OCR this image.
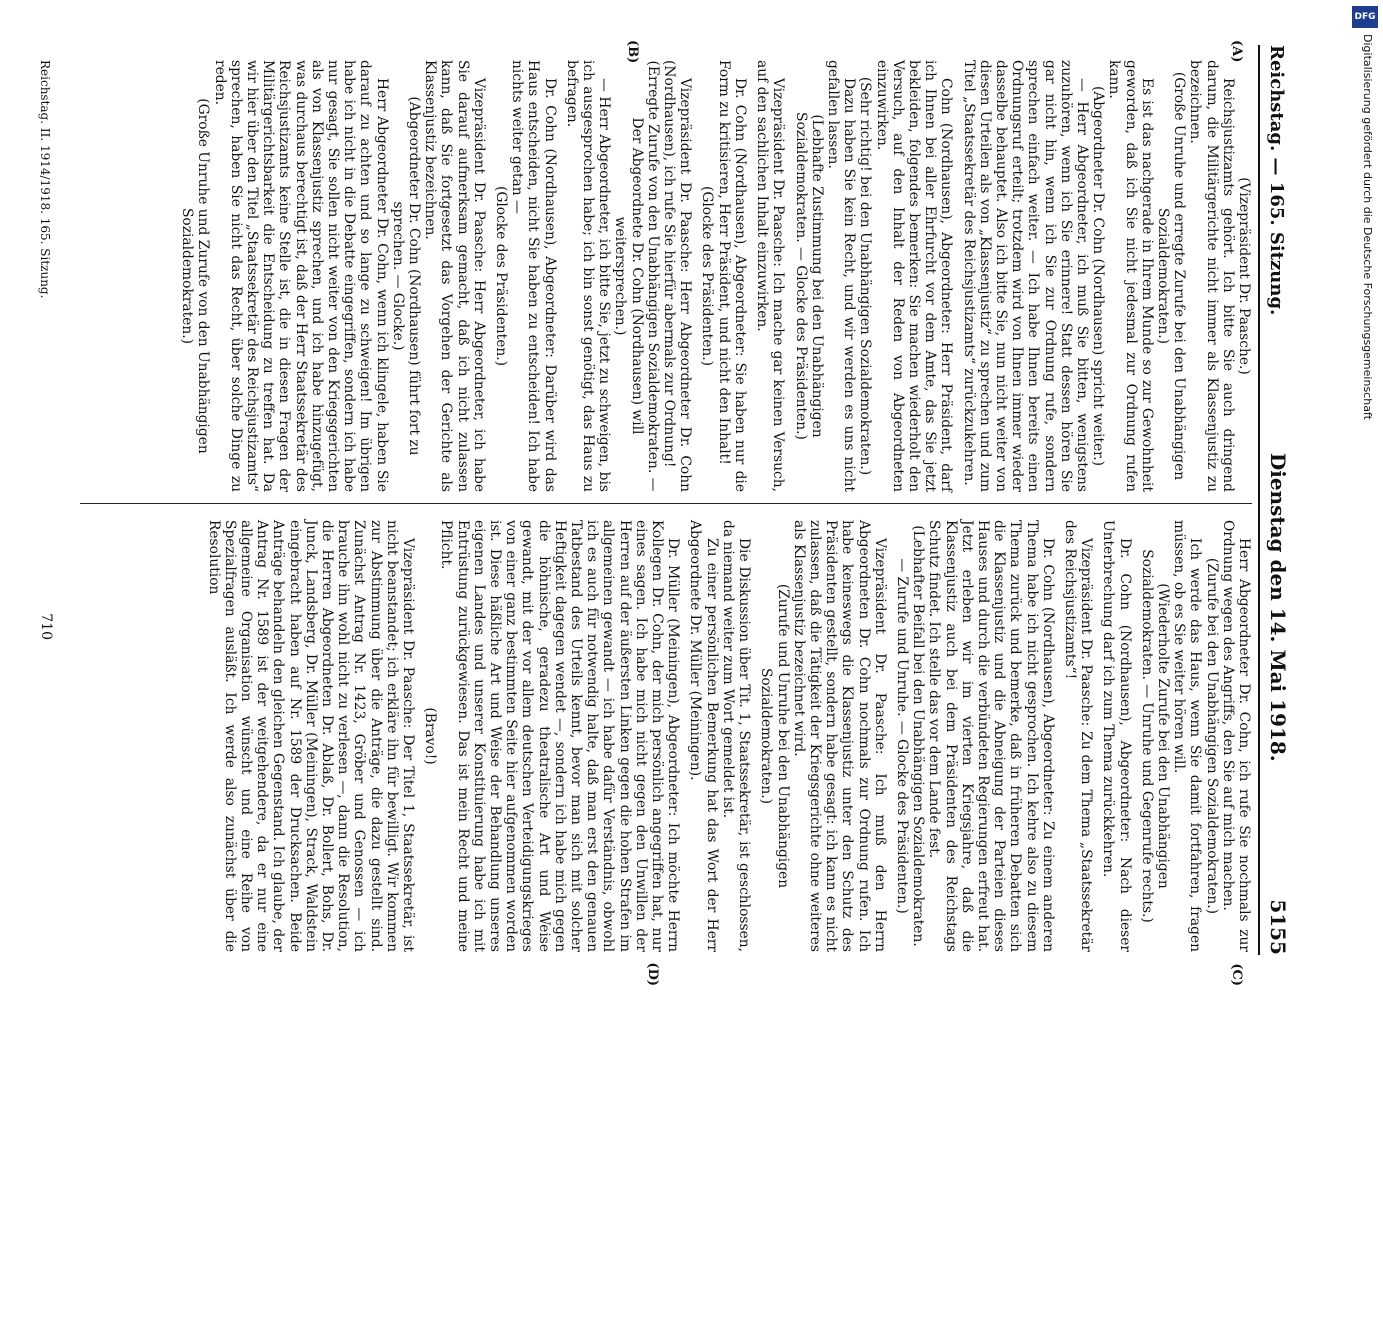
Reichstag. — 165. Sitzung.
Dienstag den 14. Mai 1918.
5155
(A)
(B)
(C)
(D)

(Vizepräsident Dr. Paasche.)

Reichsjustizamts gehört. Ich bitte Sie auch dringend darum, die Militärgerichte nicht immer als Klassenjustiz zu bezeichnen.

(Große Unruhe und erregte Zurufe bei den Unabhängigen Sozialdemokraten.)

Es ist das nachgerade in Ihrem Munde so zur Gewohnheit geworden, daß ich Sie nicht jedesmal zur Ordnung rufen kann.

(Abgeordneter Dr. Cohn (Nordhausen) spricht weiter.)

— Herr Abgeordneter, ich muß Sie bitten, wenigstens zuzuhören, wenn ich Sie erinnere! Statt dessen hören Sie gar nicht hin, wenn ich Sie zur Ordnung rufe, sondern sprechen einfach weiter. — Ich habe Ihnen bereits einen Ordnungsruf erteilt; trotzdem wird von Ihnen immer wieder dasselbe behauptet. Also ich bitte Sie, nun nicht weiter von diesen Urteilen als von „Klassenjustiz“ zu sprechen und zum Titel „Staatssekretär des Reichsjustizamts“ zurückzukehren.

Cohn (Nordhausen), Abgeordneter: Herr Präsident, darf ich Ihnen bei aller Ehrfurcht vor dem Amte, das Sie jetzt bekleiden, folgendes bemerken: Sie machen wiederholt den Versuch, auf den Inhalt der Reden von Abgeordneten einzuwirken.

(Sehr richtig! bei den Unabhängigen Sozialdemokraten.)

Dazu haben Sie kein Recht, und wir werden es uns nicht gefallen lassen.

(Lebhafte Zustimmung bei den Unabhängigen Sozialdemokraten. — Glocke des Präsidenten.)

Vizepräsident Dr. Paasche: Ich mache gar keinen Versuch, auf den sachlichen Inhalt einzuwirken.

Dr. Cohn (Nordhausen), Abgeordneter: Sie haben nur die Form zu kritisieren, Herr Präsident, und nicht den Inhalt!

(Glocke des Präsidenten.)

Vizepräsident Dr. Paasche: Herr Abgeordneter Dr. Cohn (Nordhausen), ich rufe Sie hierfür abermals zur Ordnung!

(Erregte Zurufe von den Unabhängigen Sozialdemokraten. — Der Abgeordnete Dr. Cohn (Nordhausen) will weitersprechen.)

— Herr Abgeordneter, ich bitte Sie, jetzt zu schweigen, bis ich ausgesprochen habe; ich bin sonst genötigt, das Haus zu befragen.

Dr. Cohn (Nordhausen), Abgeordneter: Darüber wird das Haus entscheiden, nicht Sie haben zu entscheiden! Ich habe nichts weiter getan —

(Glocke des Präsidenten.)

Vizepräsident Dr. Paasche: Herr Abgeordneter, ich habe Sie darauf aufmerksam gemacht, daß ich nicht zulassen kann, daß Sie fortgesetzt das Vorgehen der Gerichte als Klassenjustiz bezeichnen.

(Abgeordneter Dr. Cohn (Nordhausen) führt fort zu sprechen. — Glocke.)

Herr Abgeordneter Dr. Cohn, wenn ich klingele, haben Sie darauf zu achten und so lange zu schweigen! Im übrigen habe ich nicht in die Debatte eingegriffen, sondern ich habe nur gesagt, Sie sollen nicht weiter von den Kriegsgerichten als von Klassenjustiz sprechen, und ich habe hinzugefügt, was durchaus berechtigt ist, daß der Herr Staatssekretär des Reichsjustizamts keine Stelle ist, die in diesen Fragen der Militärgerichtsbarkeit die Entscheidung zu treffen hat. Da wir hier über den Titel „Staatssekretär des Reichsjustizamts“ sprechen, haben Sie nicht das Recht, über solche Dinge zu reden.

(Große Unruhe und Zurufe von den Unabhängigen Sozialdemokraten.)

Herr Abgeordneter Dr. Cohn, ich rufe Sie nochmals zur Ordnung wegen des Angriffs, den Sie auf mich machen.

(Zurufe bei den Unabhängigen Sozialdemokraten.)

Ich werde das Haus, wenn Sie damit fortfahren, fragen müssen, ob es Sie weiter hören will.

(Wiederholte Zurufe bei den Unabhängigen Sozialdemokraten. — Unruhe und Gegenrufe rechts.)

Dr. Cohn (Nordhausen), Abgeordneter: Nach dieser Unterbrechung darf ich zum Thema zurückkehren.

Vizepräsident Dr. Paasche: Zu dem Thema „Staatssekretär des Reichsjustizamts“!

Dr. Cohn (Nordhausen), Abgeordneter: Zu einem anderen Thema habe ich nicht gesprochen. Ich kehre also zu diesem Thema zurück und bemerke, daß in früheren Debatten sich die Klassenjustiz und die Abneigung der Parteien dieses Hauses und durch die verbündeten Regierungen erfreut hat. Jetzt erleben wir im vierten Kriegsjahre, daß die Klassenjustiz auch bei dem Präsidenten des Reichstags Schutz findet. Ich stelle das vor dem Lande fest.

(Lebhafter Beifall bei den Unabhängigen Sozialdemokraten. — Zurufe und Unruhe. — Glocke des Präsidenten.)

Vizepräsident Dr. Paasche: Ich muß den Herrn Abgeordneten Dr. Cohn nochmals zur Ordnung rufen. Ich habe keineswegs die Klassenjustiz unter den Schutz des Präsidenten gestellt, sondern habe gesagt: ich kann es nicht zulassen, daß die Tätigkeit der Kriegsgerichte ohne weiteres als Klassenjustiz bezeichnet wird.

(Zurufe und Unruhe bei den Unabhängigen Sozialdemokraten.)

Die Diskussion über Tit. 1, Staatssekretär, ist geschlossen, da niemand weiter zum Wort gemeldet ist.

Zu einer persönlichen Bemerkung hat das Wort der Herr Abgeordnete Dr. Müller (Meiningen).

Dr. Müller (Meiningen), Abgeordneter: Ich möchte Herrn Kollegen Dr. Cohn, der mich persönlich angegriffen hat, nur eines sagen. Ich habe mich nicht gegen den Unwillen der Herren auf der äußersten Linken gegen die hohen Strafen im allgemeinen gewandt — ich habe dafür Verständnis, obwohl ich es auch für notwendig halte, daß man erst den genauen Tatbestand des Urteils kennt, bevor man sich mit solcher Heftigkeit dagegen wendet —, sondern ich habe mich gegen die höhnische, geradezu theatralische Art und Weise gewandt, mit der vor allem deutschen Verteidigungskrieges von einer ganz bestimmten Seite hier aufgenommen worden ist. Diese häßliche Art und Weise der Behandlung unseres eigenen Landes und unserer Konstituierung habe ich mit Entrüstung zurückgewiesen. Das ist mein Recht und meine Pflicht.

(Bravo!)

Vizepräsident Dr. Paasche: Der Titel 1, Staatssekretär, ist nicht beanstandet; ich erkläre ihn für bewilligt. Wir kommen zur Abstimmung über die Anträge, die dazu gestellt sind. Zunächst Antrag Nr. 1423, Gröber und Genossen — ich brauche ihn wohl nicht zu verlesen —, dann die Resolution, die Herren Abgeordneten Dr. Ablaß, Dr. Bollert, Bohs, Dr. Junck, Landsberg, Dr. Müller (Meiningen), Strack, Waldstein eingebracht haben auf Nr. 1589 der Drucksachen. Beide Anträge behandeln den gleichen Gegenstand. Ich glaube, der Antrag Nr. 1589 ist der weitgehendere, da er nur eine allgemeine Organisation wünscht und eine Reihe von Spezialfragen ausläßt. Ich werde also zunächst über die Resolution

Reichstag. II. 1914/1918. 165. Sitzung.
710
DFG
Digitalisierung gefördert durch die Deutsche Forschungsgemeinschaft
